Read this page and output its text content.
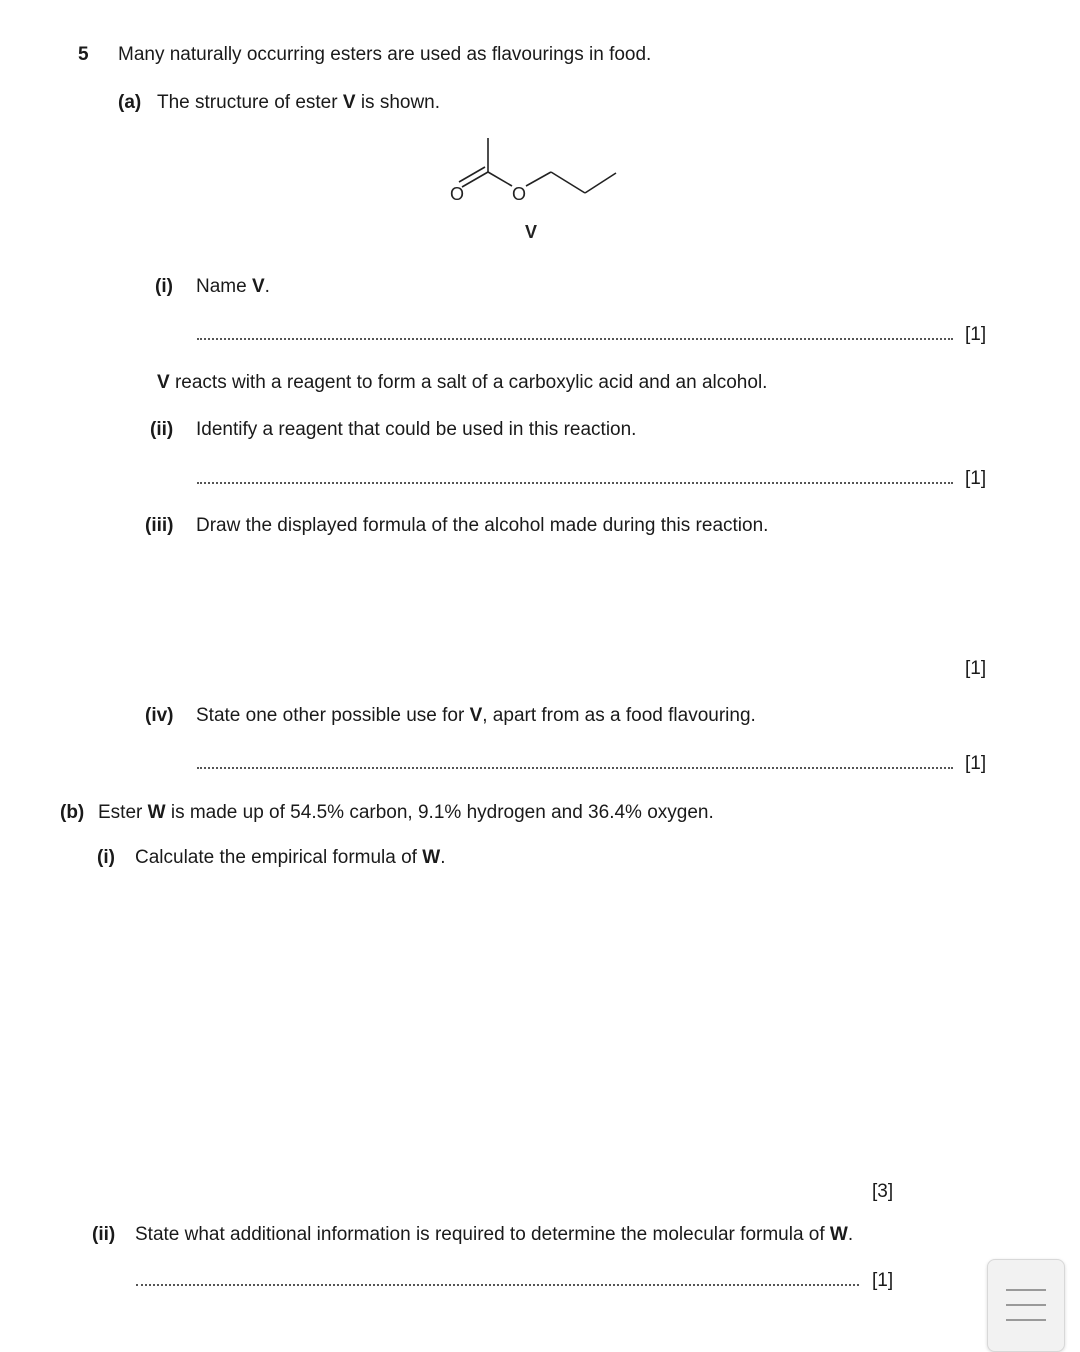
5 Many naturally occurring esters are used as flavourings in food.
(a) The structure of ester V is shown.
O	O
V
(i) Name V.
[1]
V reacts with a reagent to form a salt of a carboxylic acid and an alcohol.
(ii) Identify a reagent that could be used in this reaction.
[1]
(iii) Draw the displayed formula of the alcohol made during this reaction.
[1]
(iv) State one other possible use for V, apart from as a food flavouring.
[1]
(b) Ester W is made up of 54.5% carbon, 9.1% hydrogen and 36.4% oxygen.
(i) Calculate the empirical formula of W.
[3]
(ii) State what additional information is required to determine the molecular formula of W.
[1]
